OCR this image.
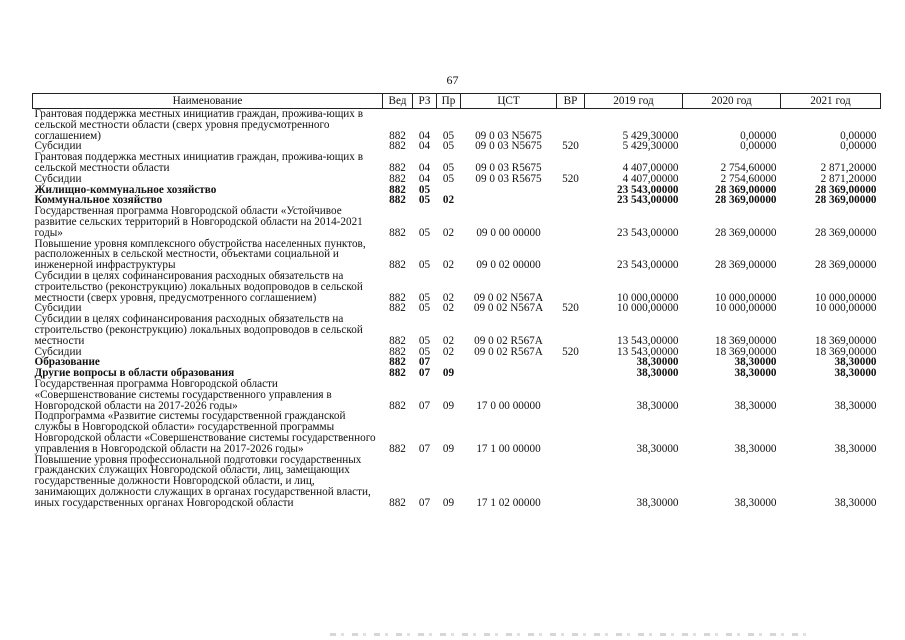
67
Наименование	Вед	РЗ	Пр	ЦСТ	ВР	2019 год	2020 год	2021 год
Грантовая поддержка местных инициатив граждан, прожива-ющих в сельской местности области (сверх уровня предусмотренного соглашением)	882	04	05	09 0 03 N5675		5 429,30000	0,00000	0,00000
Субсидии	882	04	05	09 0 03 N5675	520	5 429,30000	0,00000	0,00000
Грантовая поддержка местных инициатив граждан, прожива-ющих в сельской местности области	882	04	05	09 0 03 R5675		4 407,00000	2 754,60000	2 871,20000
Субсидии	882	04	05	09 0 03 R5675	520	4 407,00000	2 754,60000	2 871,20000
Жилищно-коммунальное хозяйство	882	05				23 543,00000	28 369,00000	28 369,00000
Коммунальное хозяйство	882	05	02			23 543,00000	28 369,00000	28 369,00000
Государственная программа Новгородской области «Устойчивое развитие сельских территорий в Новгородской области на 2014-2021 годы»	882	05	02	09 0 00 00000		23 543,00000	28 369,00000	28 369,00000
Повышение уровня комплексного обустройства населенных пунктов, расположенных в сельской местности, объектами социальной и инженерной инфраструктуры	882	05	02	09 0 02 00000		23 543,00000	28 369,00000	28 369,00000
Субсидии в целях софинансирования расходных обязательств на строительство (реконструкцию) локальных водопроводов в сельской местности (сверх уровня, предусмотренного соглашением)	882	05	02	09 0 02 N567A		10 000,00000	10 000,00000	10 000,00000
Субсидии	882	05	02	09 0 02 N567A	520	10 000,00000	10 000,00000	10 000,00000
Субсидии в целях софинансирования расходных обязательств на строительство (реконструкцию) локальных водопроводов в сельской местности	882	05	02	09 0 02 R567A		13 543,00000	18 369,00000	18 369,00000
Субсидии	882	05	02	09 0 02 R567A	520	13 543,00000	18 369,00000	18 369,00000
Образование	882	07				38,30000	38,30000	38,30000
Другие вопросы в области образования	882	07	09			38,30000	38,30000	38,30000
Государственная программа Новгородской области «Совершенствование системы государственного управления в Новгородской области на 2017-2026 годы»	882	07	09	17 0 00 00000		38,30000	38,30000	38,30000
Подпрограмма «Развитие системы государственной гражданской службы в Новгородской области» государственной программы Новгородской области «Совершенствование системы государственного управления в Новгородской области на 2017-2026 годы»	882	07	09	17 1 00 00000		38,30000	38,30000	38,30000
Повышение уровня профессиональной подготовки государственных гражданских служащих Новгородской области, лиц, замещающих государственные должности Новгородской области, и лиц, занимающих должности служащих в органах государственной власти, иных государственных органах Новгородской области	882	07	09	17 1 02 00000		38,30000	38,30000	38,30000
